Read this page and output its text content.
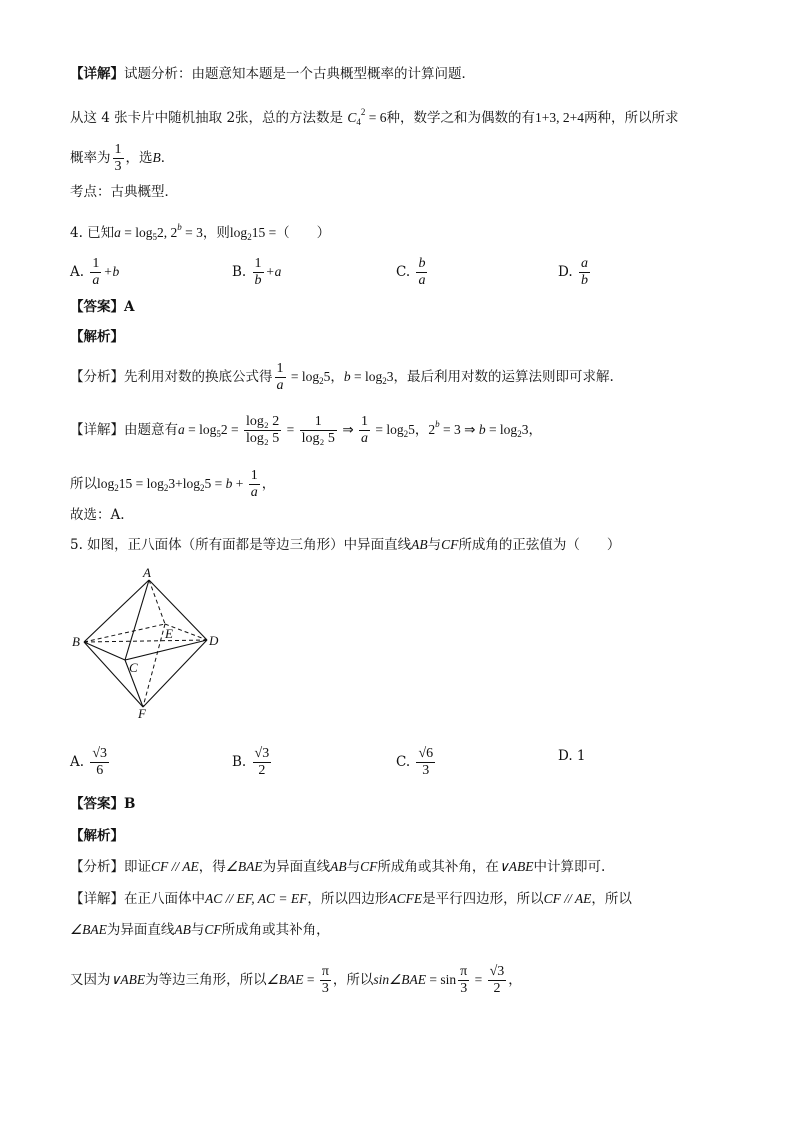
【详解】试题分析：由题意知本题是一个古典概型概率的计算问题．
从这 4 张卡片中随机抽取 2张，总的方法数是 $C_4^2 = 6$种，数学之和为偶数的有1+3, 2+4两种，所以所求
概率为 $\frac{1}{3}$ ，选B．
考点：古典概型．
4. 已知$a = \log_52$, $2^b = 3$，则$\log_215$ =（　　）
A. $\frac{1}{a} +b$	B. $\frac{1}{b} +a$	C. $\frac{b}{a}$	D. $\frac{a}{b}$
【答案】A
【解析】
【分析】先利用对数的换底公式得 $\frac{1}{a} = \log_25$，$b = \log_23$，最后利用对数的运算法则即可求解.
【详解】由题意有$a = \log_52 = \frac{\text{log₂ 2}}{\text{log₂ 5}} = \frac{1}{\text{log₂ 5}}$ ⇒ $\frac{1}{a} = \log_25$，$2^b = 3$ ⇒ $b = \log_23$，
所以$\log_215 = \log_23+\log_25 = b + \frac{1}{a}$ ，
故选：A.
5. 如图，正八面体（所有面都是等边三角形）中异面直线AB与CF所成角的正弦值为（　　）
A
B
C
D
E
F
A. $\frac{√3}{6}$	B. $\frac{√3}{2}$	C. $\frac{√6}{3}$	D. 1
【答案】B
【解析】
【分析】即证CF // AE，得∠BAE为异面直线AB与CF所成角或其补角，在∨ABE中计算即可.
【详解】在正八面体中AC // EF, AC = EF，所以四边形ACFE是平行四边形，所以CF // AE，所以
∠BAE为异面直线AB与CF所成角或其补角，
又因为∨ABE为等边三角形，所以∠BAE = $\frac{\pi}{3}$ ，所以sin∠BAE = $\sin \frac{\pi}{3} = \frac{√3}{2}$ ，
